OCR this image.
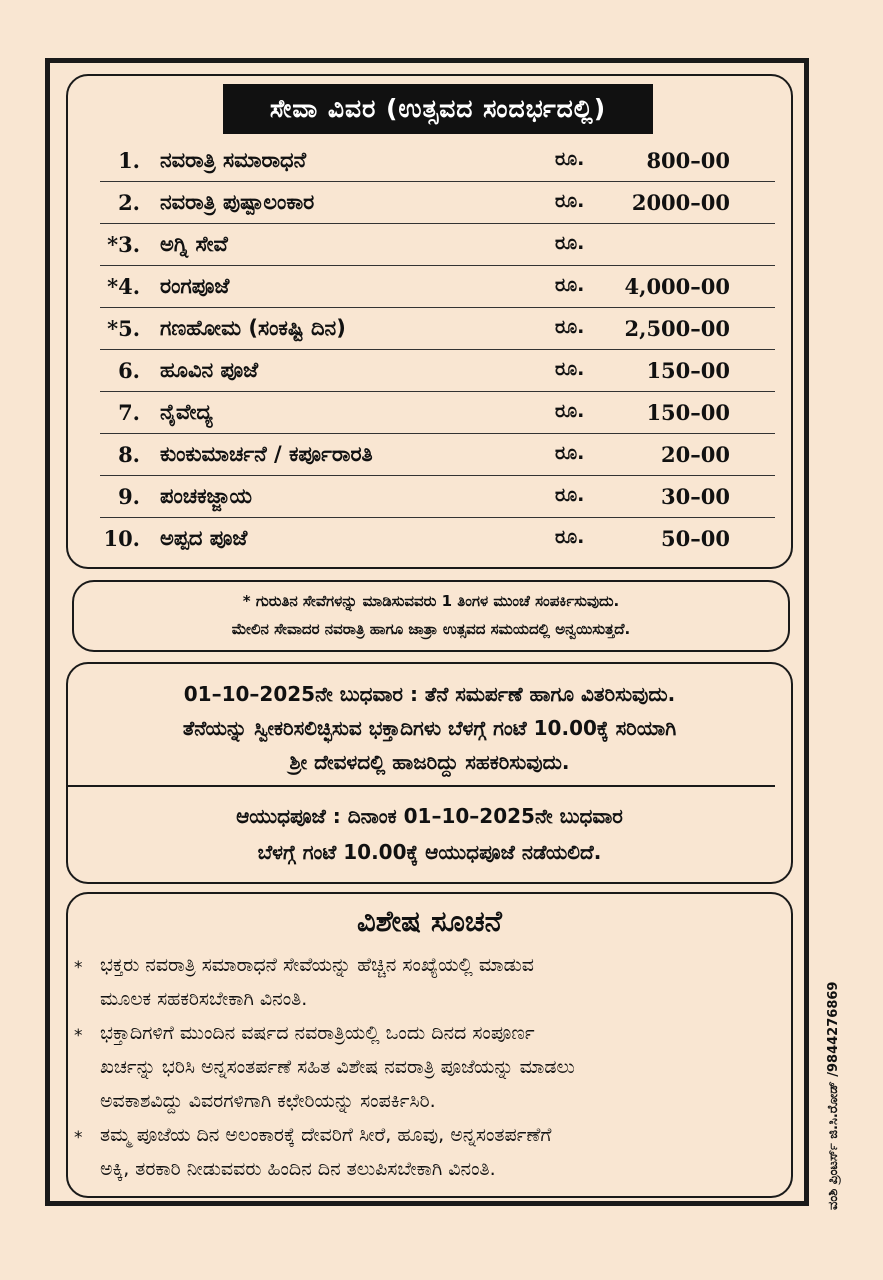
ಸೇವಾ ವಿವರ (ಉತ್ಸವದ ಸಂದರ್ಭದಲ್ಲಿ)
1. ನವರಾತ್ರಿ ಸಮಾರಾಧನೆ	ರೂ.	800–00
2. ನವರಾತ್ರಿ ಪುಷ್ಪಾಲಂಕಾರ	ರೂ. 2000–00
*3. ಅಗ್ನಿ ಸೇವೆ	ರೂ.
*4. ರಂಗಪೂಜೆ	ರೂ. 4,000–00
*5. ಗಣಹೋಮ (ಸಂಕಷ್ಟಿ ದಿನ)	ರೂ. 2,500–00
6. ಹೂವಿನ ಪೂಜೆ	ರೂ.	150–00
7. ನೈವೇದ್ಯ	ರೂ.	150–00
8. ಕುಂಕುಮಾರ್ಚನೆ / ಕರ್ಪೂರಾರತಿ	ರೂ.	20–00
9. ಪಂಚಕಜ್ಜಾಯ	ರೂ.	30–00
10. ಅಪ್ಪದ ಪೂಜೆ	ರೂ.	50–00
* ಗುರುತಿನ ಸೇವೆಗಳನ್ನು ಮಾಡಿಸುವವರು 1 ತಿಂಗಳ ಮುಂಚೆ ಸಂಪರ್ಕಿಸುವುದು.
ಮೇಲಿನ ಸೇವಾದರ ನವರಾತ್ರಿ ಹಾಗೂ ಜಾತ್ರಾ ಉತ್ಸವದ ಸಮಯದಲ್ಲಿ ಅನ್ವಯಿಸುತ್ತದೆ.
01–10–2025ನೇ ಬುಧವಾರ : ತೆನೆ ಸಮರ್ಪಣೆ ಹಾಗೂ ವಿತರಿಸುವುದು.
ತೆನೆಯನ್ನು ಸ್ವೀಕರಿಸಲಿಚ್ಛಿಸುವ ಭಕ್ತಾದಿಗಳು ಬೆಳಗ್ಗೆ ಗಂಟೆ 10.00ಕ್ಕೆ ಸರಿಯಾಗಿ
ಶ್ರೀ ದೇವಳದಲ್ಲಿ ಹಾಜರಿದ್ದು ಸಹಕರಿಸುವುದು.
ಆಯುಧಪೂಜೆ : ದಿನಾಂಕ 01–10–2025ನೇ ಬುಧವಾರ
ಬೆಳಗ್ಗೆ ಗಂಟೆ 10.00ಕ್ಕೆ ಆಯುಧಪೂಜೆ ನಡೆಯಲಿದೆ.
ವಿಶೇಷ ಸೂಚನೆ
* ಭಕ್ತರು ನವರಾತ್ರಿ ಸಮಾರಾಧನೆ ಸೇವೆಯನ್ನು ಹೆಚ್ಚಿನ ಸಂಖ್ಯೆಯಲ್ಲಿ ಮಾಡುವ
ಮೂಲಕ ಸಹಕರಿಸಬೇಕಾಗಿ ವಿನಂತಿ.
* ಭಕ್ತಾದಿಗಳಿಗೆ ಮುಂದಿನ ವರ್ಷದ ನವರಾತ್ರಿಯಲ್ಲಿ ಒಂದು ದಿನದ ಸಂಪೂರ್ಣ
ಖರ್ಚನ್ನು ಭರಿಸಿ ಅನ್ನಸಂತರ್ಪಣೆ ಸಹಿತ ವಿಶೇಷ ನವರಾತ್ರಿ ಪೂಜೆಯನ್ನು ಮಾಡಲು
ಅವಕಾಶವಿದ್ದು ವಿವರಗಳಿಗಾಗಿ ಕಛೇರಿಯನ್ನು ಸಂಪರ್ಕಿಸಿರಿ.
* ತಮ್ಮ ಪೂಜೆಯ ದಿನ ಅಲಂಕಾರಕ್ಕೆ ದೇವರಿಗೆ ಸೀರೆ, ಹೂವು, ಅನ್ನಸಂತರ್ಪಣೆಗೆ
ಅಕ್ಕಿ, ತರಕಾರಿ ನೀಡುವವರು ಹಿಂದಿನ ದಿನ ತಲುಪಿಸಬೇಕಾಗಿ ವಿನಂತಿ.	ವಂಶಿ ಪ್ರಿಂಟರ್ಸ್ ಜಿ.ಸಿ.ರೋಡ್ /9844276869
